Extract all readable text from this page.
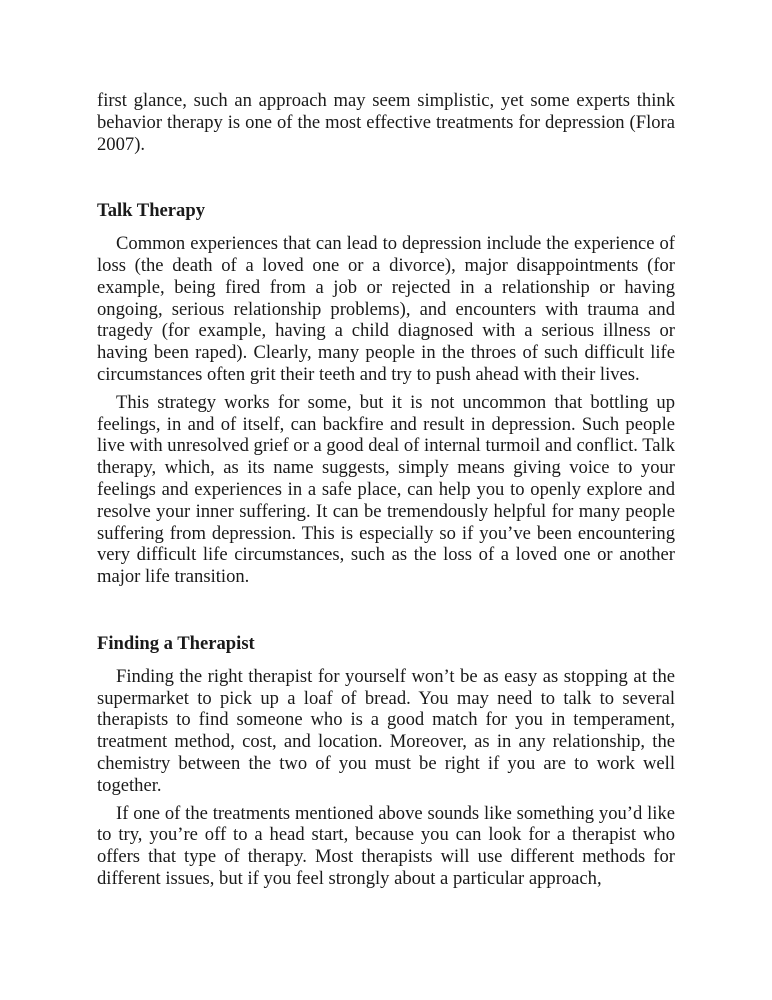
first glance, such an approach may seem simplistic, yet some experts think behavior therapy is one of the most effective treatments for depression (Flora 2007).

Talk Therapy

Common experiences that can lead to depression include the experience of loss (the death of a loved one or a divorce), major disappointments (for example, being fired from a job or rejected in a relationship or having ongoing, serious relationship problems), and encounters with trauma and tragedy (for example, having a child diagnosed with a serious illness or having been raped). Clearly, many people in the throes of such difficult life circumstances often grit their teeth and try to push ahead with their lives.

This strategy works for some, but it is not uncommon that bottling up feelings, in and of itself, can backfire and result in depression. Such people live with unresolved grief or a good deal of internal turmoil and conflict. Talk therapy, which, as its name suggests, simply means giving voice to your feelings and experiences in a safe place, can help you to openly explore and resolve your inner suffering. It can be tremendously helpful for many people suffering from depression. This is especially so if you’ve been encountering very difficult life circumstances, such as the loss of a loved one or another major life transition.

Finding a Therapist

Finding the right therapist for yourself won’t be as easy as stopping at the supermarket to pick up a loaf of bread. You may need to talk to several therapists to find someone who is a good match for you in temperament, treatment method, cost, and location. Moreover, as in any relationship, the chemistry between the two of you must be right if you are to work well together.

If one of the treatments mentioned above sounds like something you’d like to try, you’re off to a head start, because you can look for a therapist who offers that type of therapy. Most therapists will use different methods for different issues, but if you feel strongly about a particular approach,
